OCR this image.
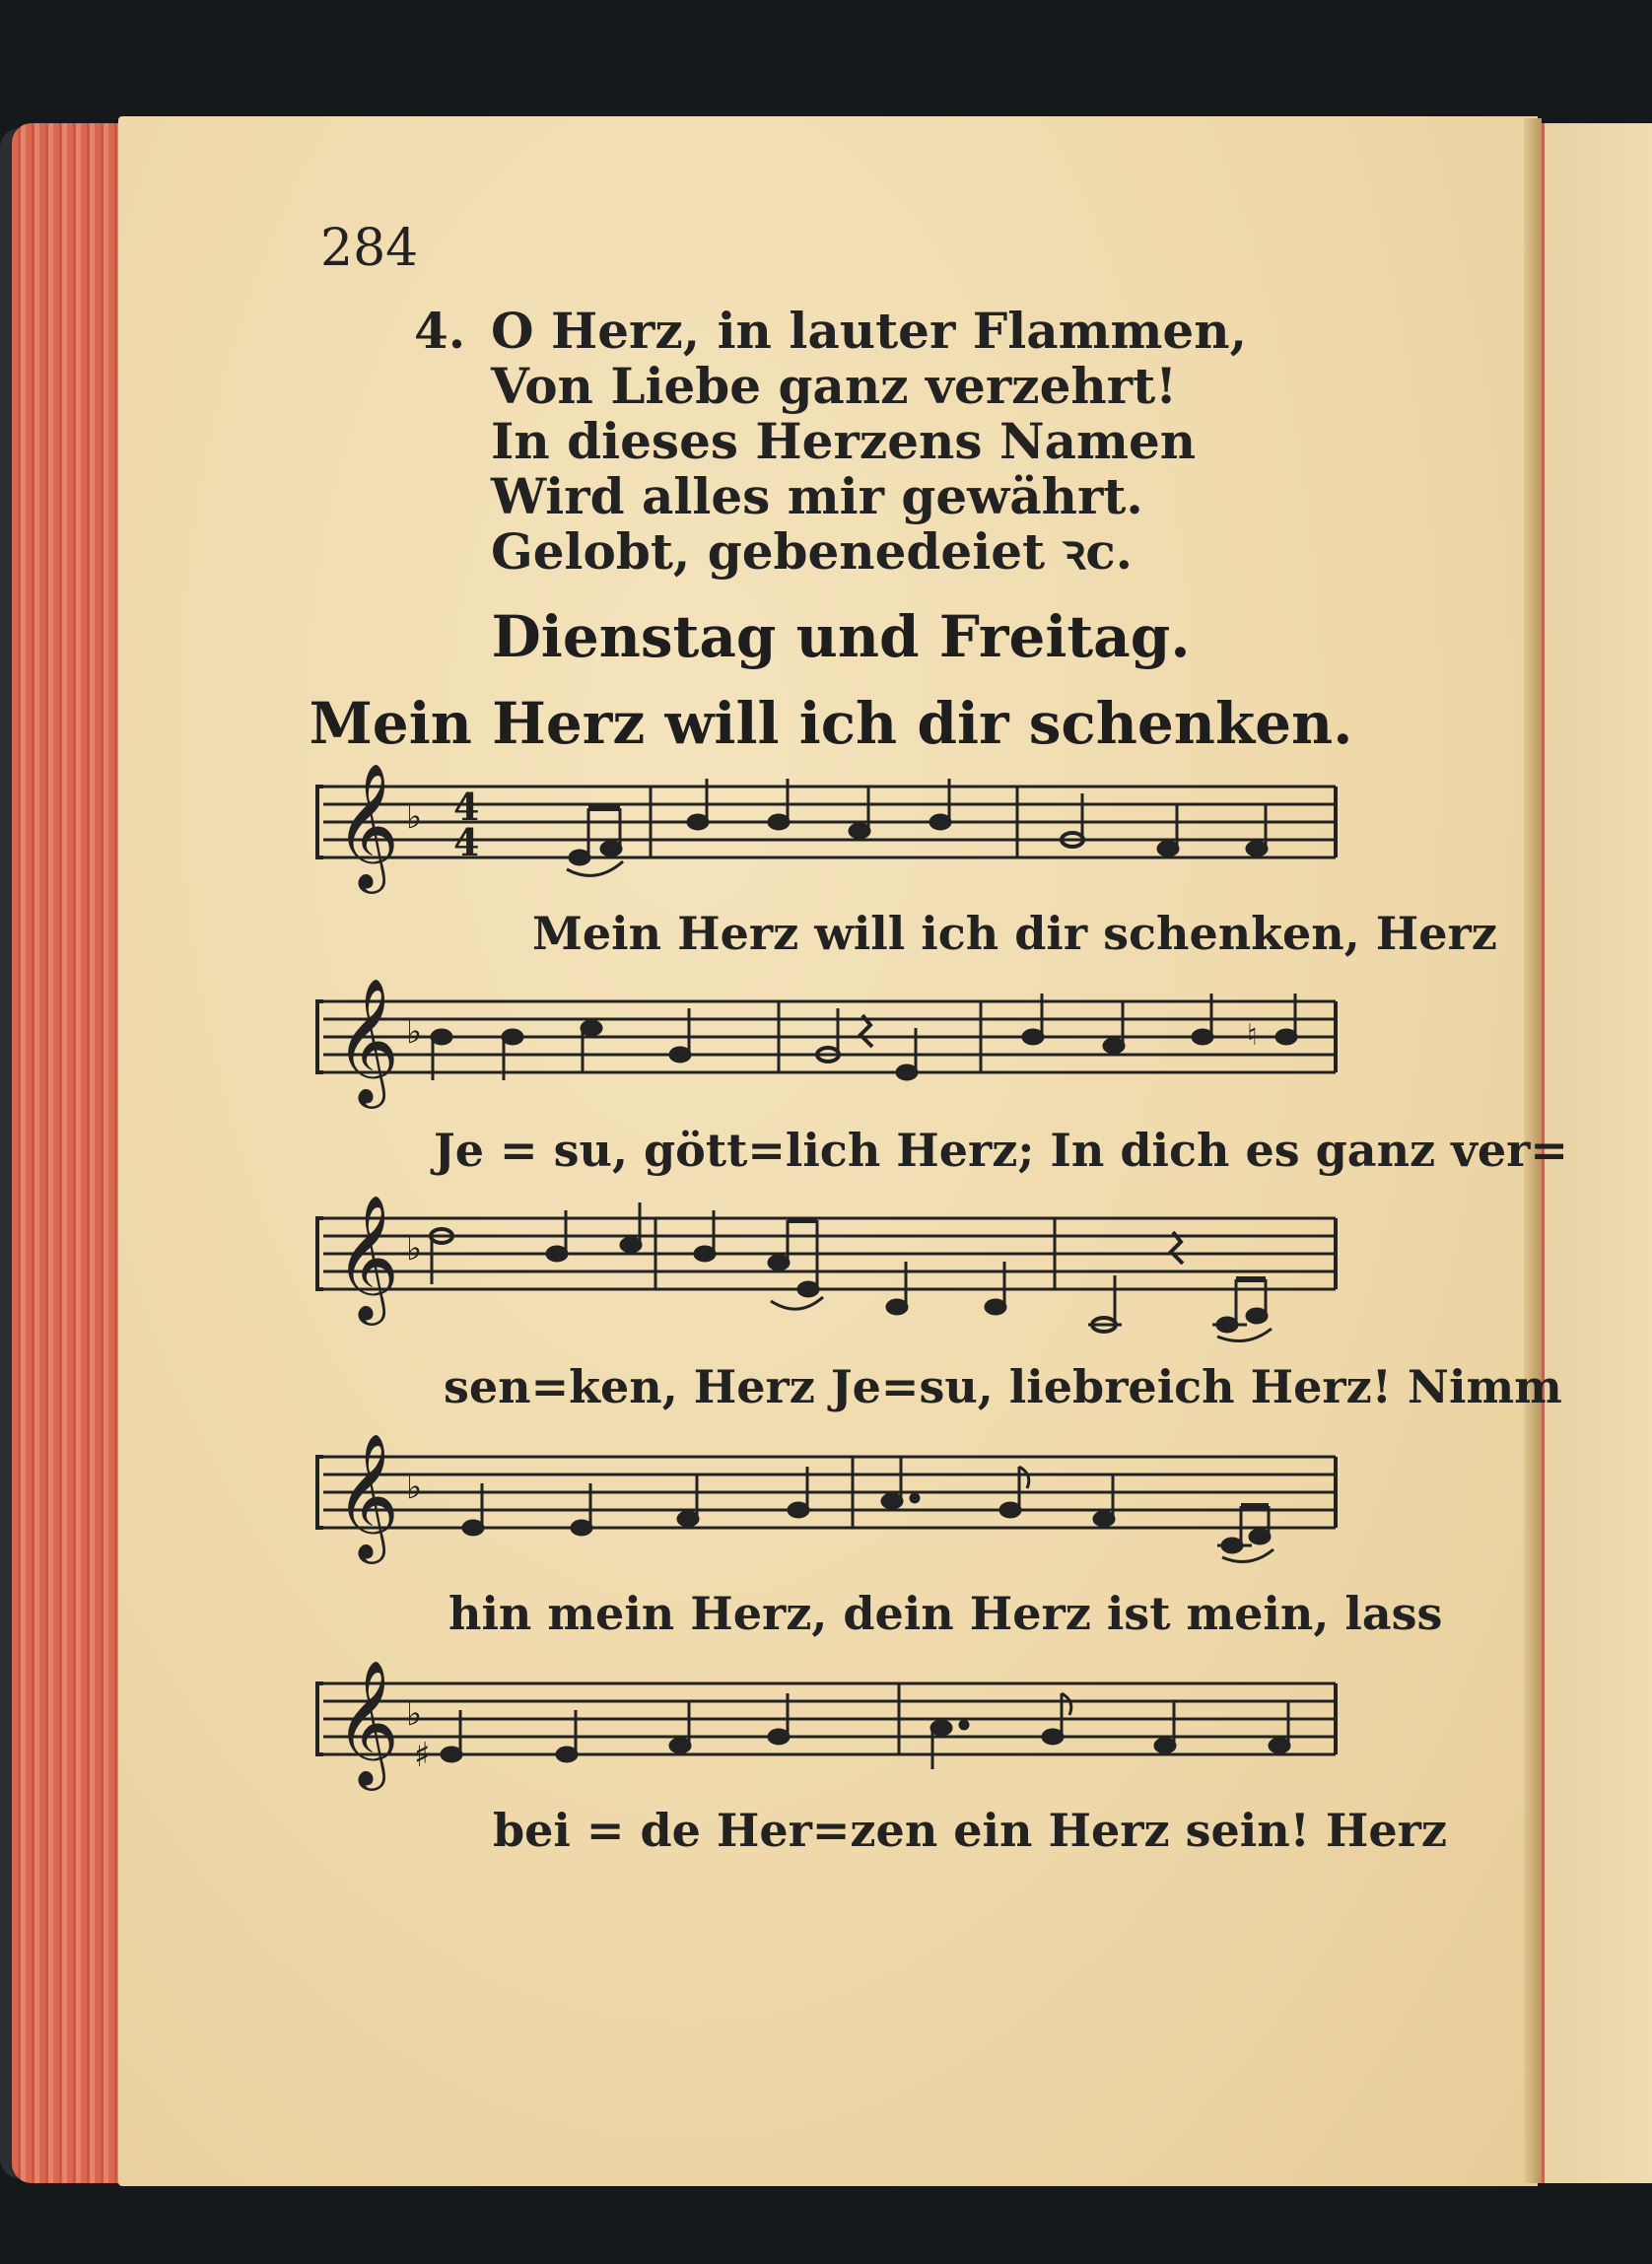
284
4. O Herz, in lauter Flammen,
Von Liebe ganz verzehrt!
In dieses Herzens Namen
Wird alles mir gewährt.
Gelobt, gebenedeiet ꝛc.
Dienstag und Freitag.
Mein Herz will ich dir schenken.
𝄞 ♭ 4
4
Mein Herz will ich dir schenken, Herz
𝄞 ♭	♮
Je = su, gött=lich Herz; In dich es ganz ver=
𝄞 ♭
sen=ken, Herz Je=su, liebreich Herz! Nimm
𝄞 ♭
hin mein Herz, dein Herz ist mein, lass
𝄞 ♭
♯
bei = de Her=zen ein Herz sein! Herz
